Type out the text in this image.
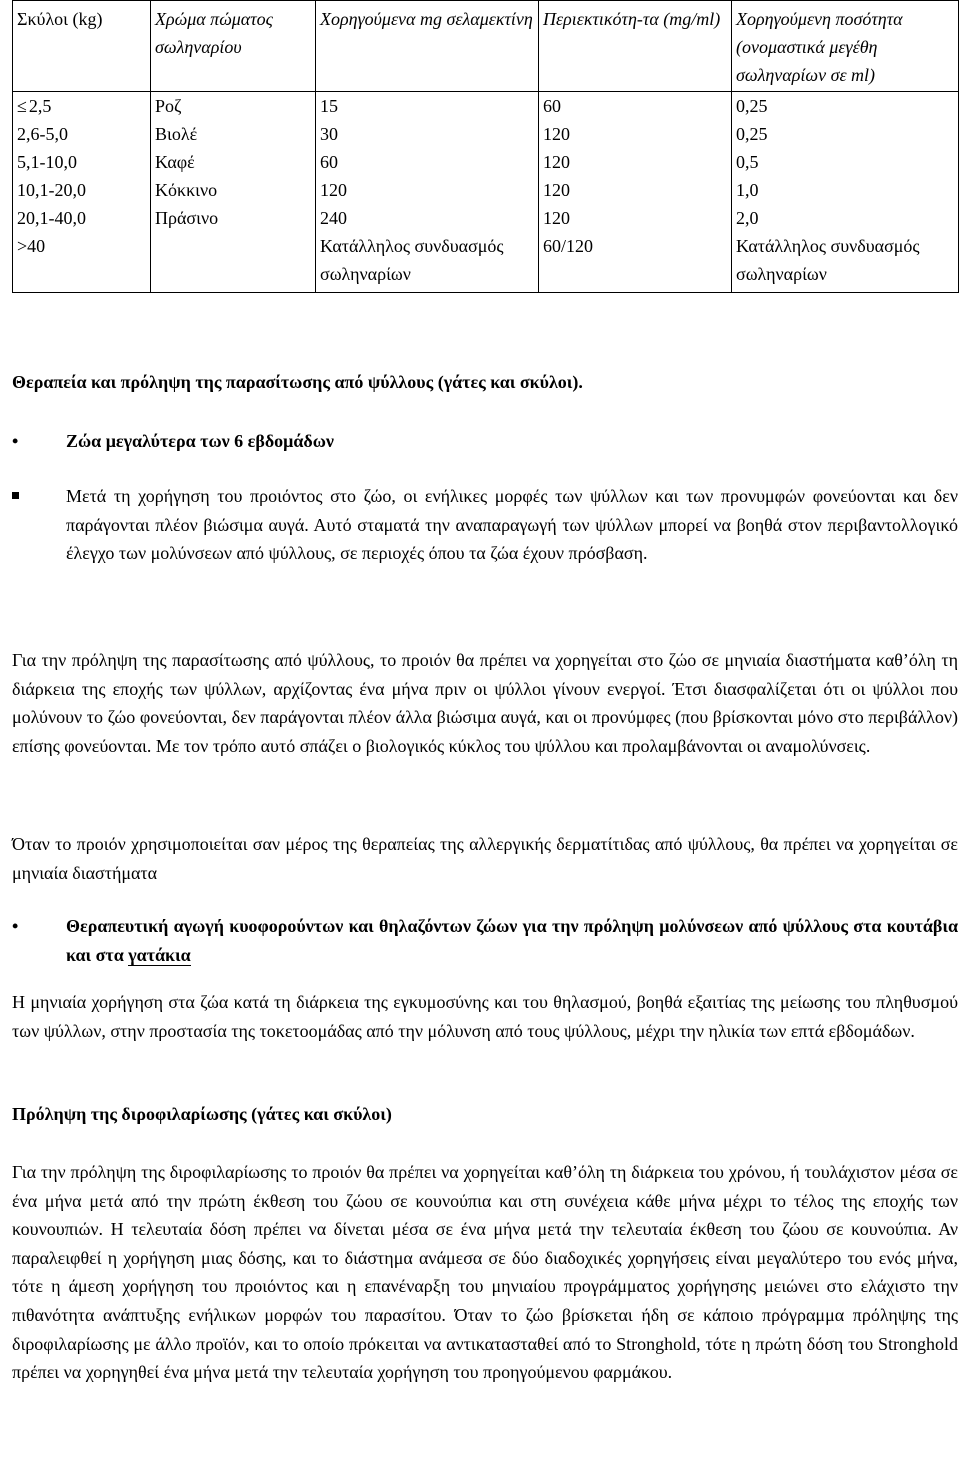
Σκύλοι (kg)	Χρώμα πώματος σωληναρίου	Χορηγούμενα mg σελαμεκτίνη	Περιεκτικότη-τα (mg/ml)	Χορηγούμενη ποσότητα (ονομαστικά μεγέθη σωληναρίων σε ml)
≤ 2,5	Ροζ	15	60	0,25
2,6-5,0	Βιολέ	30	120	0,25
5,1-10,0	Καφέ	60	120	0,5
10,1-20,0	Κόκκινο	120	120	1,0
20,1-40,0	Πράσινο	240	120	2,0
>40		Κατάλληλος συνδυασμός σωληναρίων	60/120	Κατάλληλος συνδυασμός σωληναρίων
Θεραπεία και πρόληψη της παρασίτωσης από ψύλλους (γάτες και σκύλοι).
•	Ζώα μεγαλύτερα των 6 εβδομάδων
Μετά τη χορήγηση του προιόντος στο ζώο, οι ενήλικες μορφές των ψύλλων και των προνυμφών φονεύονται και δεν παράγονται πλέον βιώσιμα αυγά. Αυτό σταματά την αναπαραγωγή των ψύλλων μπορεί να βοηθά στον περιβαντολλογικό έλεγχο των μολύνσεων από ψύλλους, σε περιοχές όπου τα ζώα έχουν πρόσβαση.
Για την πρόληψη της παρασίτωσης από ψύλλους, το προιόν θα πρέπει να χορηγείται στο ζώο σε μηνιαία διαστήματα καθ’όλη τη διάρκεια της εποχής των ψύλλων, αρχίζοντας ένα μήνα πριν οι ψύλλοι γίνουν ενεργοί. Έτσι διασφαλίζεται ότι οι ψύλλοι που μολύνουν το ζώο φονεύονται, δεν παράγονται πλέον άλλα βιώσιμα αυγά, και οι προνύμφες (που βρίσκονται μόνο στο περιβάλλον) επίσης φονεύονται. Με τον τρόπο αυτό σπάζει ο βιολογικός κύκλος του ψύλλου και προλαμβάνονται οι αναμολύνσεις.
Όταν το προιόν χρησιμοποιείται σαν μέρος της θεραπείας της αλλεργικής δερματίτιδας από ψύλλους, θα πρέπει να χορηγείται σε μηνιαία διαστήματα
•	Θεραπευτική αγωγή κυοφορούντων και θηλαζόντων ζώων για την πρόληψη μολύνσεων από ψύλλους στα κουτάβια και στα γατάκια
Η μηνιαία χορήγηση στα ζώα κατά τη διάρκεια της εγκυμοσύνης και του θηλασμού, βοηθά εξαιτίας της μείωσης του πληθυσμού των ψύλλων, στην προστασία της τοκετοομάδας από την μόλυνση από τους ψύλλους, μέχρι την ηλικία των επτά εβδομάδων.
Πρόληψη της διροφιλαρίωσης (γάτες και σκύλοι)
Για την πρόληψη της διροφιλαρίωσης το προιόν θα πρέπει να χορηγείται καθ’όλη τη διάρκεια του χρόνου, ή τουλάχιστον μέσα σε ένα μήνα μετά από την πρώτη έκθεση του ζώου σε κουνούπια και στη συνέχεια κάθε μήνα μέχρι το τέλος της εποχής των κουνουπιών. Η τελευταία δόση πρέπει να δίνεται μέσα σε ένα μήνα μετά την τελευταία έκθεση του ζώου σε κουνούπια. Αν παραλειφθεί η χορήγηση μιας δόσης, και το διάστημα ανάμεσα σε δύο διαδοχικές χορηγήσεις είναι μεγαλύτερο του ενός μήνα, τότε η άμεση χορήγηση του προιόντος και η επανέναρξη του μηνιαίου προγράμματος χορήγησης μειώνει στο ελάχιστο την πιθανότητα ανάπτυξης ενήλικων μορφών του παρασίτου. Όταν το ζώο βρίσκεται ήδη σε κάποιο πρόγραμμα πρόληψης της διροφιλαρίωσης με άλλο προϊόν, και το οποίο πρόκειται να αντικατασταθεί από το Stronghold, τότε η πρώτη δόση του Stronghold πρέπει να χορηγηθεί ένα μήνα μετά την τελευταία χορήγηση του προηγούμενου φαρμάκου.
